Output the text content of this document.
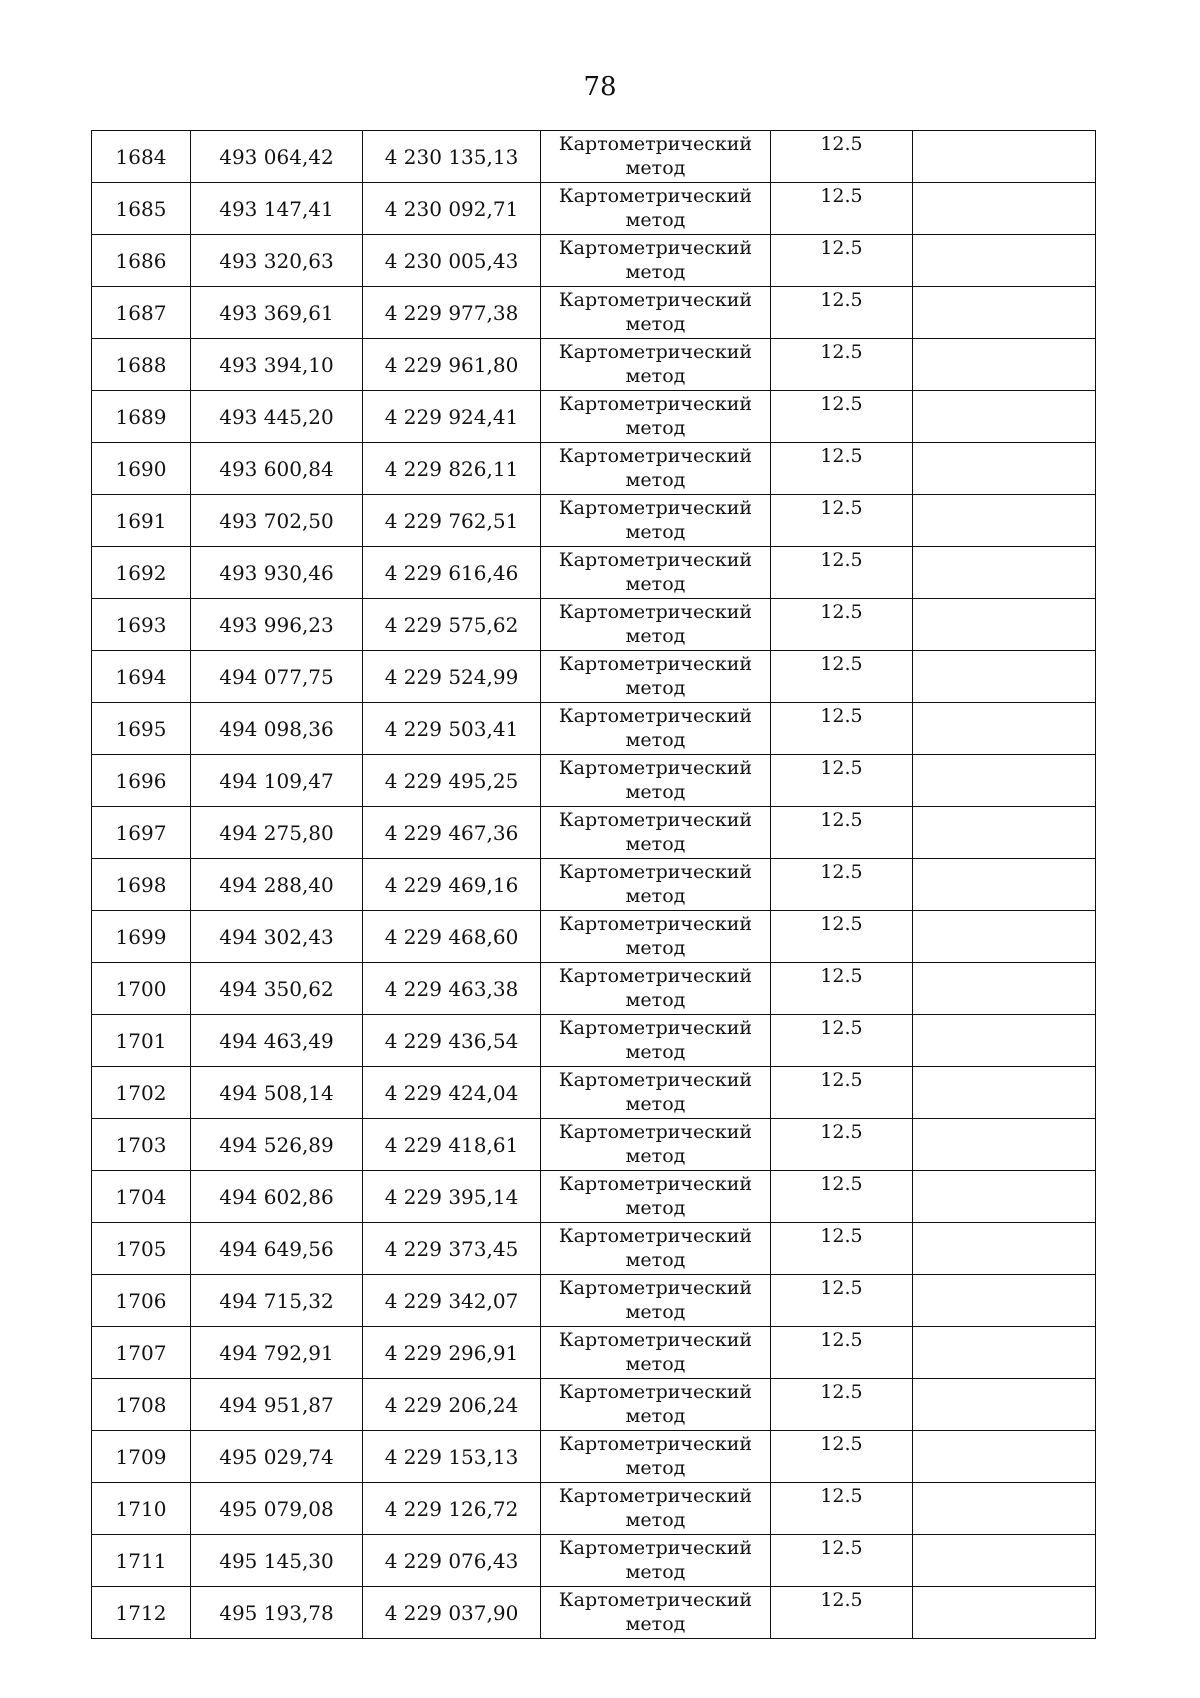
78
1684	493 064,42	4 230 135,13	Картометрический
метод	12.5	
1685	493 147,41	4 230 092,71	Картометрический
метод	12.5	
1686	493 320,63	4 230 005,43	Картометрический
метод	12.5	
1687	493 369,61	4 229 977,38	Картометрический
метод	12.5	
1688	493 394,10	4 229 961,80	Картометрический
метод	12.5	
1689	493 445,20	4 229 924,41	Картометрический
метод	12.5	
1690	493 600,84	4 229 826,11	Картометрический
метод	12.5	
1691	493 702,50	4 229 762,51	Картометрический
метод	12.5	
1692	493 930,46	4 229 616,46	Картометрический
метод	12.5	
1693	493 996,23	4 229 575,62	Картометрический
метод	12.5	
1694	494 077,75	4 229 524,99	Картометрический
метод	12.5	
1695	494 098,36	4 229 503,41	Картометрический
метод	12.5	
1696	494 109,47	4 229 495,25	Картометрический
метод	12.5	
1697	494 275,80	4 229 467,36	Картометрический
метод	12.5	
1698	494 288,40	4 229 469,16	Картометрический
метод	12.5	
1699	494 302,43	4 229 468,60	Картометрический
метод	12.5	
1700	494 350,62	4 229 463,38	Картометрический
метод	12.5	
1701	494 463,49	4 229 436,54	Картометрический
метод	12.5	
1702	494 508,14	4 229 424,04	Картометрический
метод	12.5	
1703	494 526,89	4 229 418,61	Картометрический
метод	12.5	
1704	494 602,86	4 229 395,14	Картометрический
метод	12.5	
1705	494 649,56	4 229 373,45	Картометрический
метод	12.5	
1706	494 715,32	4 229 342,07	Картометрический
метод	12.5	
1707	494 792,91	4 229 296,91	Картометрический
метод	12.5	
1708	494 951,87	4 229 206,24	Картометрический
метод	12.5	
1709	495 029,74	4 229 153,13	Картометрический
метод	12.5	
1710	495 079,08	4 229 126,72	Картометрический
метод	12.5	
1711	495 145,30	4 229 076,43	Картометрический
метод	12.5	
1712	495 193,78	4 229 037,90	Картометрический
метод	12.5	
